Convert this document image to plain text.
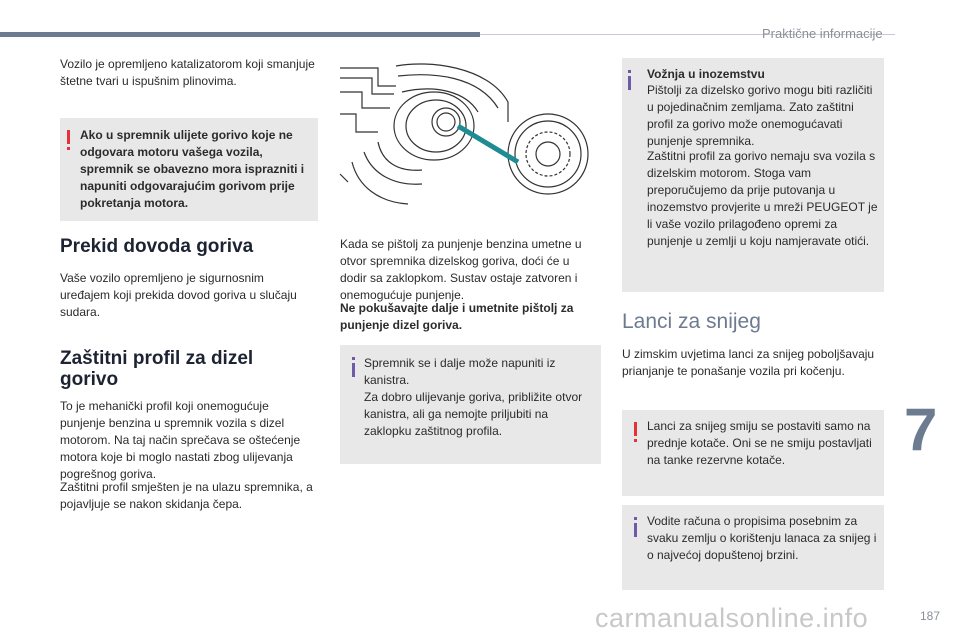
Praktične informacije

Vozilo je opremljeno katalizatorom koji smanjuje štetne tvari u ispušnim plinovima.

Ako u spremnik ulijete gorivo koje ne odgovara motoru vašega vozila, spremnik se obavezno mora isprazniti i napuniti odgovarajućim gorivom prije pokretanja motora.
Prekid dovoda goriva

Vaše vozilo opremljeno je sigurnosnim uređajem koji prekida dovod goriva u slučaju sudara.

Zaštitni profil za dizel gorivo

To je mehanički profil koji onemogućuje punjenje benzina u spremnik vozila s dizel motorom. Na taj način sprečava se oštećenje motora koje bi moglo nastati zbog ulijevanja pogrešnog goriva.

Zaštitni profil smješten je na ulazu spremnika, a pojavljuje se nakon skidanja čepa.

Kada se pištolj za punjenje benzina umetne u otvor spremnika dizelskog goriva, doći će u dodir sa zaklopkom. Sustav ostaje zatvoren i onemogućuje punjenje.

Ne pokušavajte dalje i umetnite pištolj za punjenje dizel goriva.

Spremnik se i dalje može napuniti iz kanistra.
Za dobro ulijevanje goriva, približite otvor kanistra, ali ga nemojte priljubiti na zaklopku zaštitnog profila.
Vožnja u inozemstvu
Pištolji za dizelsko gorivo mogu biti različiti u pojedinačnim zemljama. Zato zaštitni profil za gorivo može onemogućavati punjenje spremnika.
Zaštitni profil za gorivo nemaju sva vozila s dizelskim motorom. Stoga vam preporučujemo da prije putovanja u inozemstvo provjerite u mreži PEUGEOT je li vaše vozilo prilagođeno opremi za punjenje u zemlji u koju namjeravate otići.
Lanci za snijeg

U zimskim uvjetima lanci za snijeg poboljšavaju prianjanje te ponašanje vozila pri kočenju.

Lanci za snijeg smiju se postaviti samo na prednje kotače. Oni se ne smiju postavljati na tanke rezervne kotače.
Vodite računa o propisima posebnim za svaku zemlju o korištenju lanaca za snijeg i o najvećoj dopuštenoj brzini.
7
carmanualsonline.info	187
